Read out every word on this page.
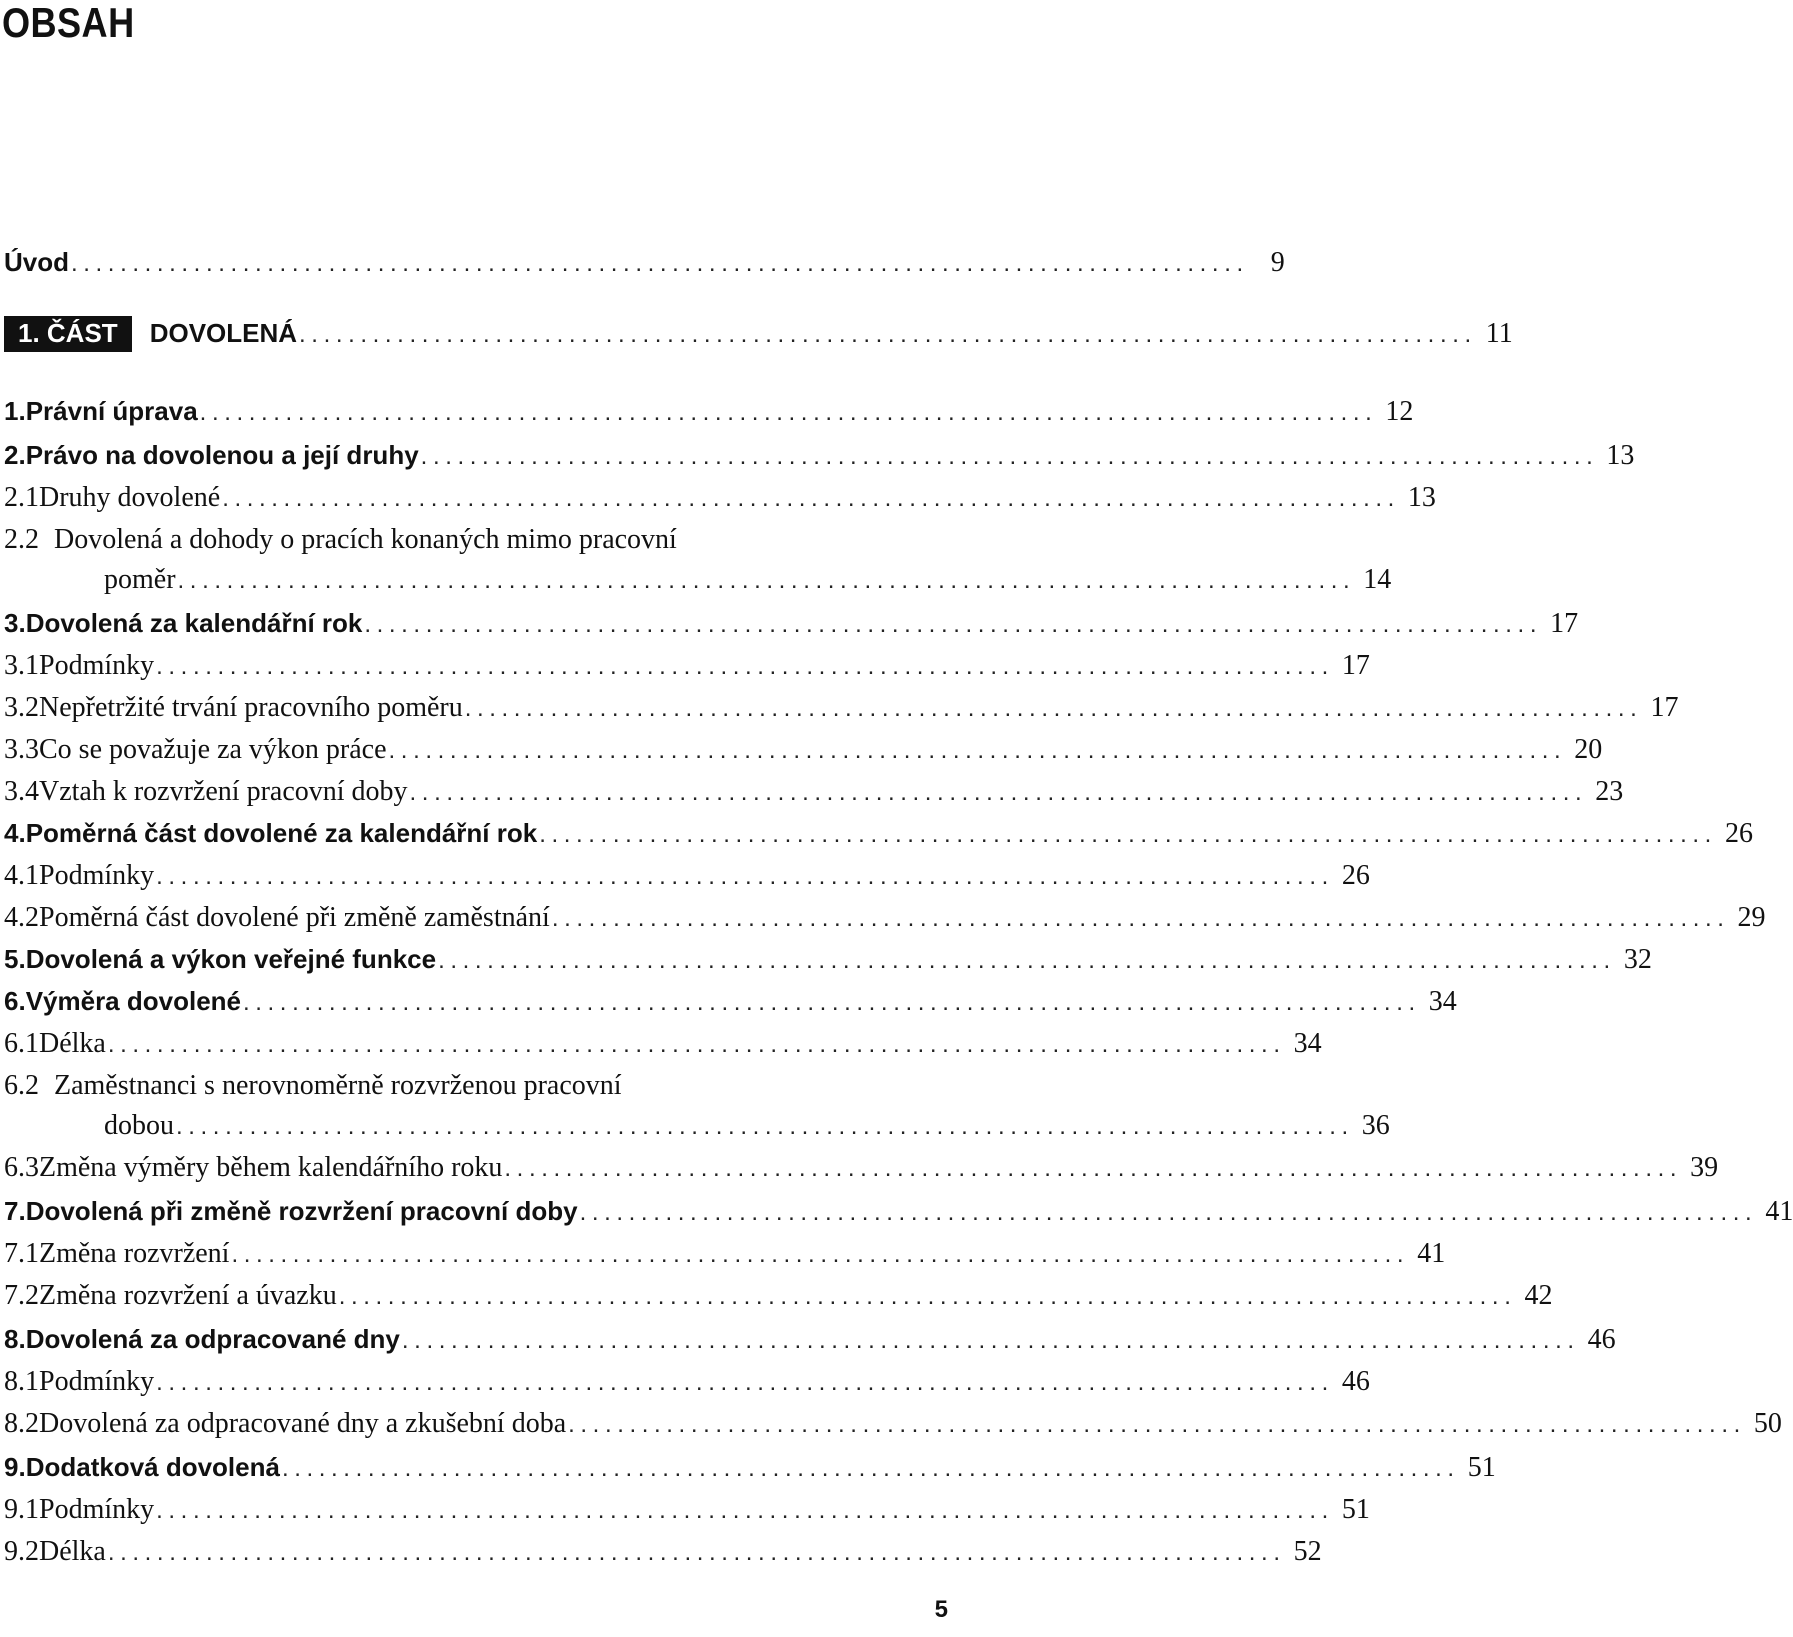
OBSAH
Úvod ................................................................................................ 9
1. ČÁST	DOVOLENÁ ................................................................................................ 11
1. Právní úprava ................................................................................................ 12
2. Právo na dovolenou a její druhy ................................................................................................ 13
2.1 Druhy dovolené ................................................................................................ 13
2.2 Dovolená a dohody o pracích konaných mimo pracovní
poměr ................................................................................................ 14
3. Dovolená za kalendářní rok ................................................................................................ 17
3.1 Podmínky ................................................................................................ 17
3.2 Nepřetržité trvání pracovního poměru ................................................................................................ 17
3.3 Co se považuje za výkon práce ................................................................................................ 20
3.4 Vztah k rozvržení pracovní doby ................................................................................................ 23
4. Poměrná část dovolené za kalendářní rok ................................................................................................ 26
4.1 Podmínky ................................................................................................ 26
4.2 Poměrná část dovolené při změně zaměstnání ................................................................................................ 29
5. Dovolená a výkon veřejné funkce ................................................................................................ 32
6. Výměra dovolené ................................................................................................ 34
6.1 Délka ................................................................................................ 34
6.2 Zaměstnanci s nerovnoměrně rozvrženou pracovní
dobou ................................................................................................ 36
6.3 Změna výměry během kalendářního roku ................................................................................................ 39
7. Dovolená při změně rozvržení pracovní doby ................................................................................................ 41
7.1 Změna rozvržení ................................................................................................ 41
7.2 Změna rozvržení a úvazku ................................................................................................ 42
8. Dovolená za odpracované dny ................................................................................................ 46
8.1 Podmínky ................................................................................................ 46
8.2 Dovolená za odpracované dny a zkušební doba ................................................................................................ 50
9. Dodatková dovolená ................................................................................................ 51
9.1 Podmínky ................................................................................................ 51
9.2 Délka ................................................................................................ 52
5
